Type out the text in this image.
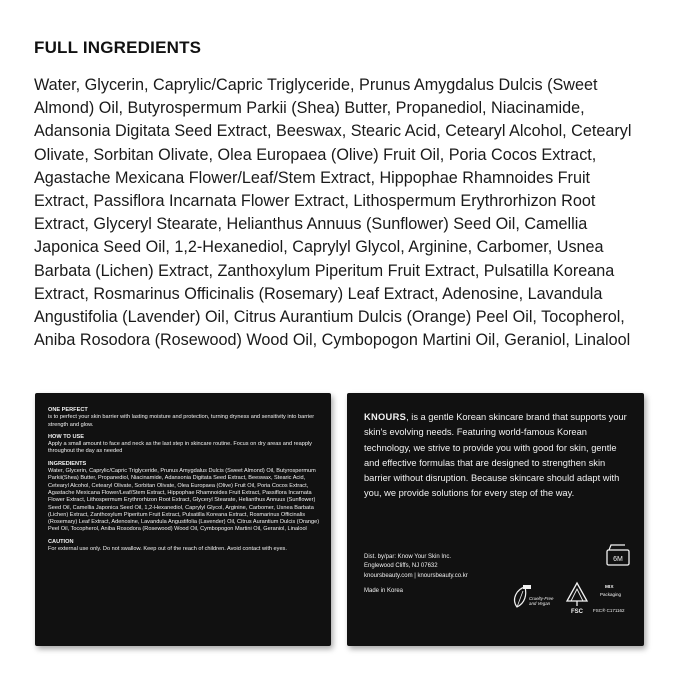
FULL INGREDIENTS
Water, Glycerin, Caprylic/Capric Triglyceride, Prunus Amygdalus Dulcis (Sweet Almond) Oil, Butyrospermum Parkii (Shea) Butter, Propanediol, Niacinamide, Adansonia Digitata Seed Extract, Beeswax, Stearic Acid, Cetearyl Alcohol, Cetearyl Olivate, Sorbitan Olivate, Olea Europaea (Olive) Fruit Oil, Poria Cocos Extract, Agastache Mexicana Flower/Leaf/Stem Extract, Hippophae Rhamnoides Fruit Extract, Passiflora Incarnata Flower Extract, Lithospermum Erythrorhizon Root Extract, Glyceryl Stearate, Helianthus Annuus (Sunflower) Seed Oil, Camellia Japonica Seed Oil, 1,2-Hexanediol, Caprylyl Glycol, Arginine, Carbomer, Usnea Barbata (Lichen) Extract, Zanthoxylum Piperitum Fruit Extract, Pulsatilla Koreana Extract, Rosmarinus Officinalis (Rosemary) Leaf Extract, Adenosine, Lavandula Angustifolia (Lavender) Oil, Citrus Aurantium Dulcis (Orange) Peel Oil, Tocopherol, Aniba Rosodora (Rosewood) Wood Oil, Cymbopogon Martini Oil, Geraniol, Linalool
ONE PERFECT

is to perfect your skin barrier with lasting moisture and protection, turning dryness and sensitivity into barrier strength and glow.

HOW TO USE

Apply a small amount to face and neck as the last step in skincare routine. Focus on dry areas and reapply throughout the day as needed

INGREDIENTS

Water, Glycerin, Caprylic/Capric Triglyceride, Prunus Amygdalus Dulcis (Sweet Almond) Oil, Butyrospermum Parkii(Shea) Butter, Propanediol, Niacinamide, Adansonia Digitata Seed Extract, Beeswax, Stearic Acid, Cetearyl Alcohol, Cetearyl Olivate, Sorbitan Olivate, Olea Europaea (Olive) Fruit Oil, Poria Cocos Extract, Agastache Mexicana Flower/Leaf/Stem Extract, Hippophae Rhamnoides Fruit Extract, Passiflora Incarnata Flower Extract, Lithospermum Erythrorhizon Root Extract, Glyceryl Stearate, Helianthus Annuus (Sunflower) Seed Oil, Camellia Japonica Seed Oil, 1,2-Hexanediol, Caprylyl Glycol, Arginine, Carbomer, Usnea Barbata (Lichen) Extract, Zanthoxylum Piperitum Fruit Extract, Pulsatilla Koreana Extract, Rosmarinus Officinalis (Rosemary) Leaf Extract, Adenosine, Lavandula Angustifolia (Lavender) Oil, Citrus Aurantium Dulcis (Orange) Peel Oil, Tocopherol, Aniba Rosodora (Rosewood) Wood Oil, Cymbopogon Martini Oil, Geraniol, Linalool

CAUTION

For external use only. Do not swallow. Keep out of the reach of children. Avoid contact with eyes.

KNOURS, is a gentle Korean skincare brand that supports your skin's evolving needs. Featuring world-famous Korean technology, we strive to provide you with good for skin, gentle and effective formulas that are designed to strengthen skin barrier without disruption. Because skincare should adapt with you, we provide solutions for every step of the way.
Dist. by/par: Know Your Skin Inc.
Englewood Cliffs, NJ 07632
knoursbeauty.com | knoursbeauty.co.kr
Made in Korea
6M
Cruelty-Free and Vegan
FSC
MIX
Packaging
FSC® C171162
